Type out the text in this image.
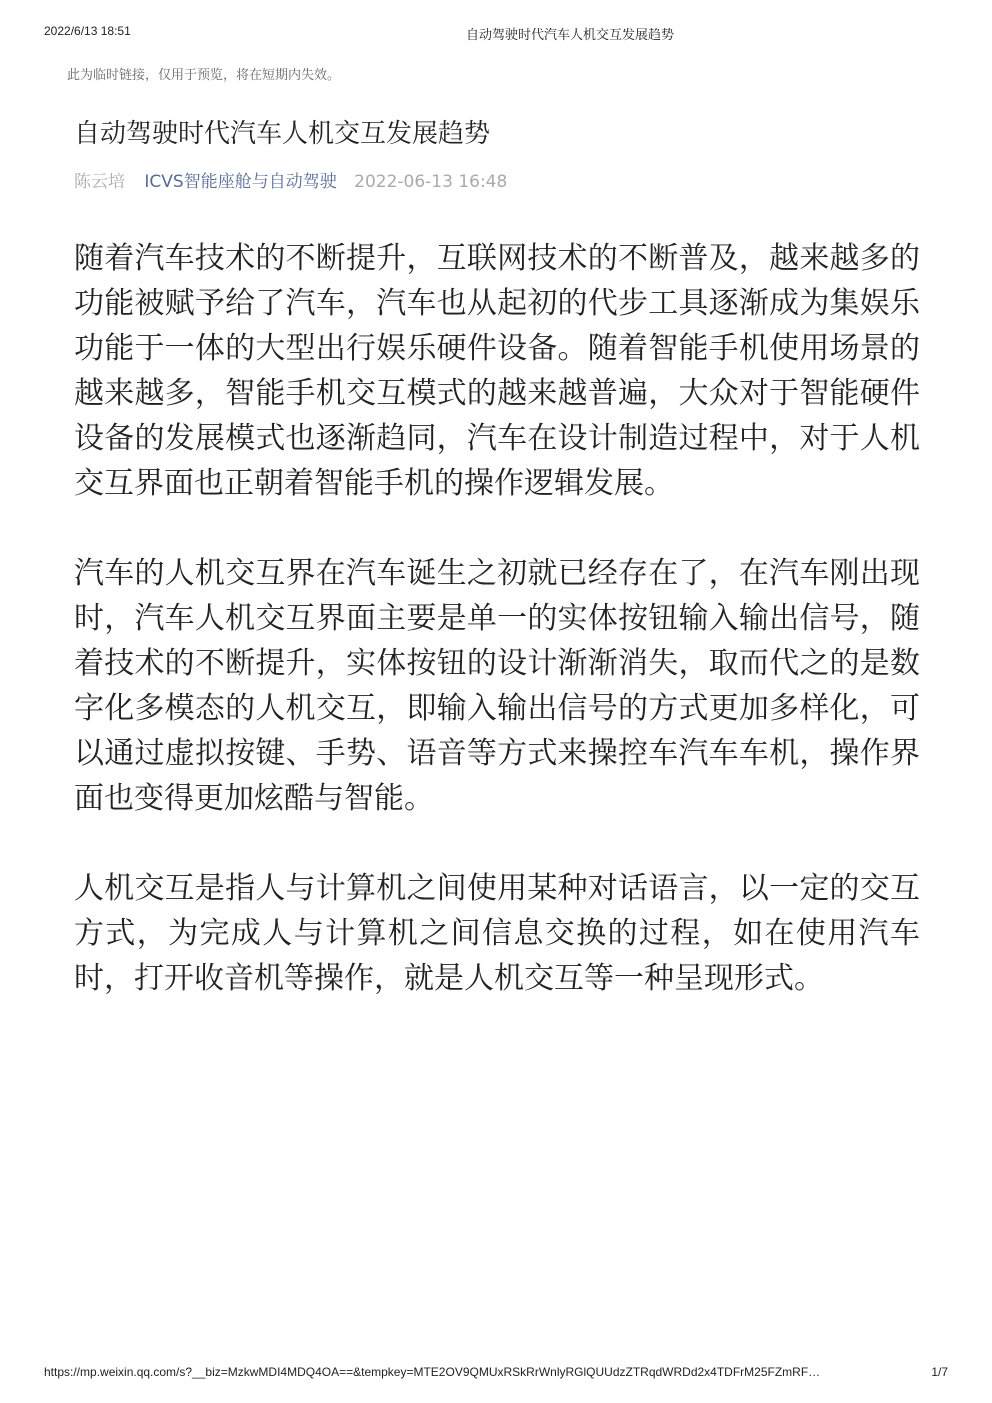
2022/6/13 18:51	自动驾驶时代汽车人机交互发展趋势
此为临时链接，仅用于预览，将在短期内失效。
自动驾驶时代汽车人机交互发展趋势
陈云培 ICVS智能座舱与自动驾驶 2022-06-13 16:48

随着汽车技术的不断提升，互联网技术的不断普及，越来越多的功能被赋予给了汽车，汽车也从起初的代步工具逐渐成为集娱乐功能于一体的大型出行娱乐硬件设备。随着智能手机使用场景的越来越多，智能手机交互模式的越来越普遍，大众对于智能硬件设备的发展模式也逐渐趋同，汽车在设计制造过程中，对于人机交互界面也正朝着智能手机的操作逻辑发展。

汽车的人机交互界在汽车诞生之初就已经存在了，在汽车刚出现时，汽车人机交互界面主要是单一的实体按钮输入输出信号，随着技术的不断提升，实体按钮的设计渐渐消失，取而代之的是数字化多模态的人机交互，即输入输出信号的方式更加多样化，可以通过虚拟按键、手势、语音等方式来操控车汽车车机，操作界面也变得更加炫酷与智能。

人机交互是指人与计算机之间使用某种对话语言，以一定的交互方式，为完成人与计算机之间信息交换的过程，如在使用汽车时，打开收音机等操作，就是人机交互等一种呈现形式。

https://mp.weixin.qq.com/s?__biz=MzkwMDI4MDQ4OA==&tempkey=MTE2OV9QMUxRSkRrWnlyRGlQUUdzZTRqdWRDd2x4TDFrM25FZmRF…	1/7
